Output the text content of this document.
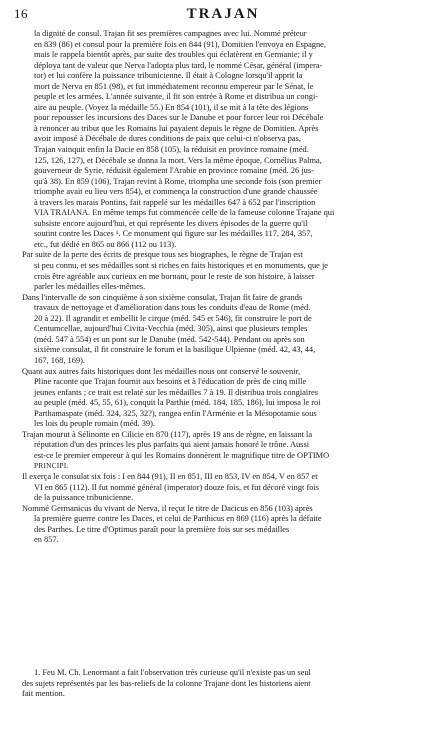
16	TRAJAN

la dignité de consul. Trajan fit ses premières campagnes avec lui. Nommé préteur
en 839 (86) et consul pour la première fois en 844 (91), Domitien l'envoya en Espagne,
mais le rappela bientôt après, par suite des troubles qui éclatèrent en Germanie; il y
déploya tant de valeur que Nerva l'adopta plus tard, le nommé César, général (impera-
tor) et lui confère la puissance tribunicienne. Il était à Cologne lorsqu'il apprit la
mort de Nerva en 851 (98), et fut immédiatement reconnu empereur par le Sénat, le
peuple et les armées. L'année suivante, il fit son entrée à Rome et distribua un congi-
aire au peuple. (Voyez la médaille 55.) En 854 (101), il se mit à la tête des légions
pour repousser les incursions des Daces sur le Danube et pour forcer leur roi Décébale
à renoncer au tribut que les Romains lui payaient depuis le règne de Domitien. Après
avoir imposé à Décébale de dures conditions de paix que celui-ci n'observa pas,
Trajan vainquit enfin la Dacie en 858 (105), la réduisit en province romaine (méd.
125, 126, 127), et Décébale se donna la mort. Vers la même époque, Cornélius Palma,
gouverneur de Syrie, réduisit également l'Arabie en province romaine (méd. 26 jus-
qu'à 38). En 859 (106), Trajan revint à Rome, triompha une seconde fois (son premier
triomphe avait eu lieu vers 854), et commença la construction d'une grande chaussée
à travers les marais Pontins, fait rappelé sur les médailles 647 à 652 par l'inscription
VIA TRAIANA. En même temps fut commencée celle de la fameuse colonne Trajane qui
subsiste encore aujourd'hui, et qui représente les divers épisodes de la guerre qu'il
soutint contre les Daces ¹. Ce monument qui figure sur les médailles 117, 284, 357,
etc., fut dédié en 865 ou 866 (112 ou 113).

Par suite de la perte des écrits de presque tous ses biographes, le règne de Trajan est
si peu connu, et ses médailles sont si riches en faits historiques et en monuments, que je
crois être agréable aux curieux en me bornant, pour le reste de son histoire, à laisser
parler les médailles elles-mêmes.

Dans l'intervalle de son cinquième à son sixième consulat, Trajan fit faire de grands
travaux de nettoyage et d'amélioration dans tous les conduits d'eau de Rome (méd.
20 à 22). Il agrandit et embellit le cirque (méd. 545 et 546), fit construire le port de
Centumcellae, aujourd'hui Civita-Vecchia (méd. 305), ainsi que plusieurs temples
(méd. 547 à 554) et un pont sur le Danube (méd. 542-544). Pendant ou après son
sixième consulat, il fit construire le forum et la basilique Ulpienne (méd. 42, 43, 44,
167, 168, 169).

Quant aux autres faits historiques dont les médailles nous ont conservé le souvenir,
Pline raconte que Trajan fournit aux besoins et à l'éducation de près de cinq mille
jeunes enfants ; ce trait est relaté sur les médailles 7 à 19. Il distribua trois congiaires
au peuple (méd. 45, 55, 61), conquit la Parthie (méd. 184, 185, 186), lui imposa le roi
Parthamaspate (méd. 324, 325, 32?), rangea enfin l'Arménie et la Mésopotamie sous
les lois du peuple romain (méd. 39).

Trajan mourut à Sélinonte en Cilicie en 870 (117), après 19 ans de règne, en laissant la
réputation d'un des princes les plus parfaits qui aient jamais honoré le trône. Aussi
est-ce le premier empereur à qui les Romains donnèrent le magnifique titre de OPTIMO
PRINCIPI.

Il exerça le consulat six fois : I en 844 (91), II en 851, III en 853, IV en 854, V en 857 et
VI en 865 (112). Il fut nommé général (imperator) douze fois, et fut décoré vingt fois
de la puissance tribunicienne.

Nommé Germanicus du vivant de Nerva, il reçut le titre de Dacicus en 856 (103) après
la première guerre contre les Daces, et celui de Parthicus en 869 (116) après la défaite
des Parthes. Le titre d'Optimus paraît pour la première fois sur ses médailles
en 857.

1. Feu M. Ch. Lenormant a fait l'observation très curieuse qu'il n'existe pas un seul
des sujets représentés par les bas-reliefs de la colonne Trajane dont les historiens aient
fait mention.
